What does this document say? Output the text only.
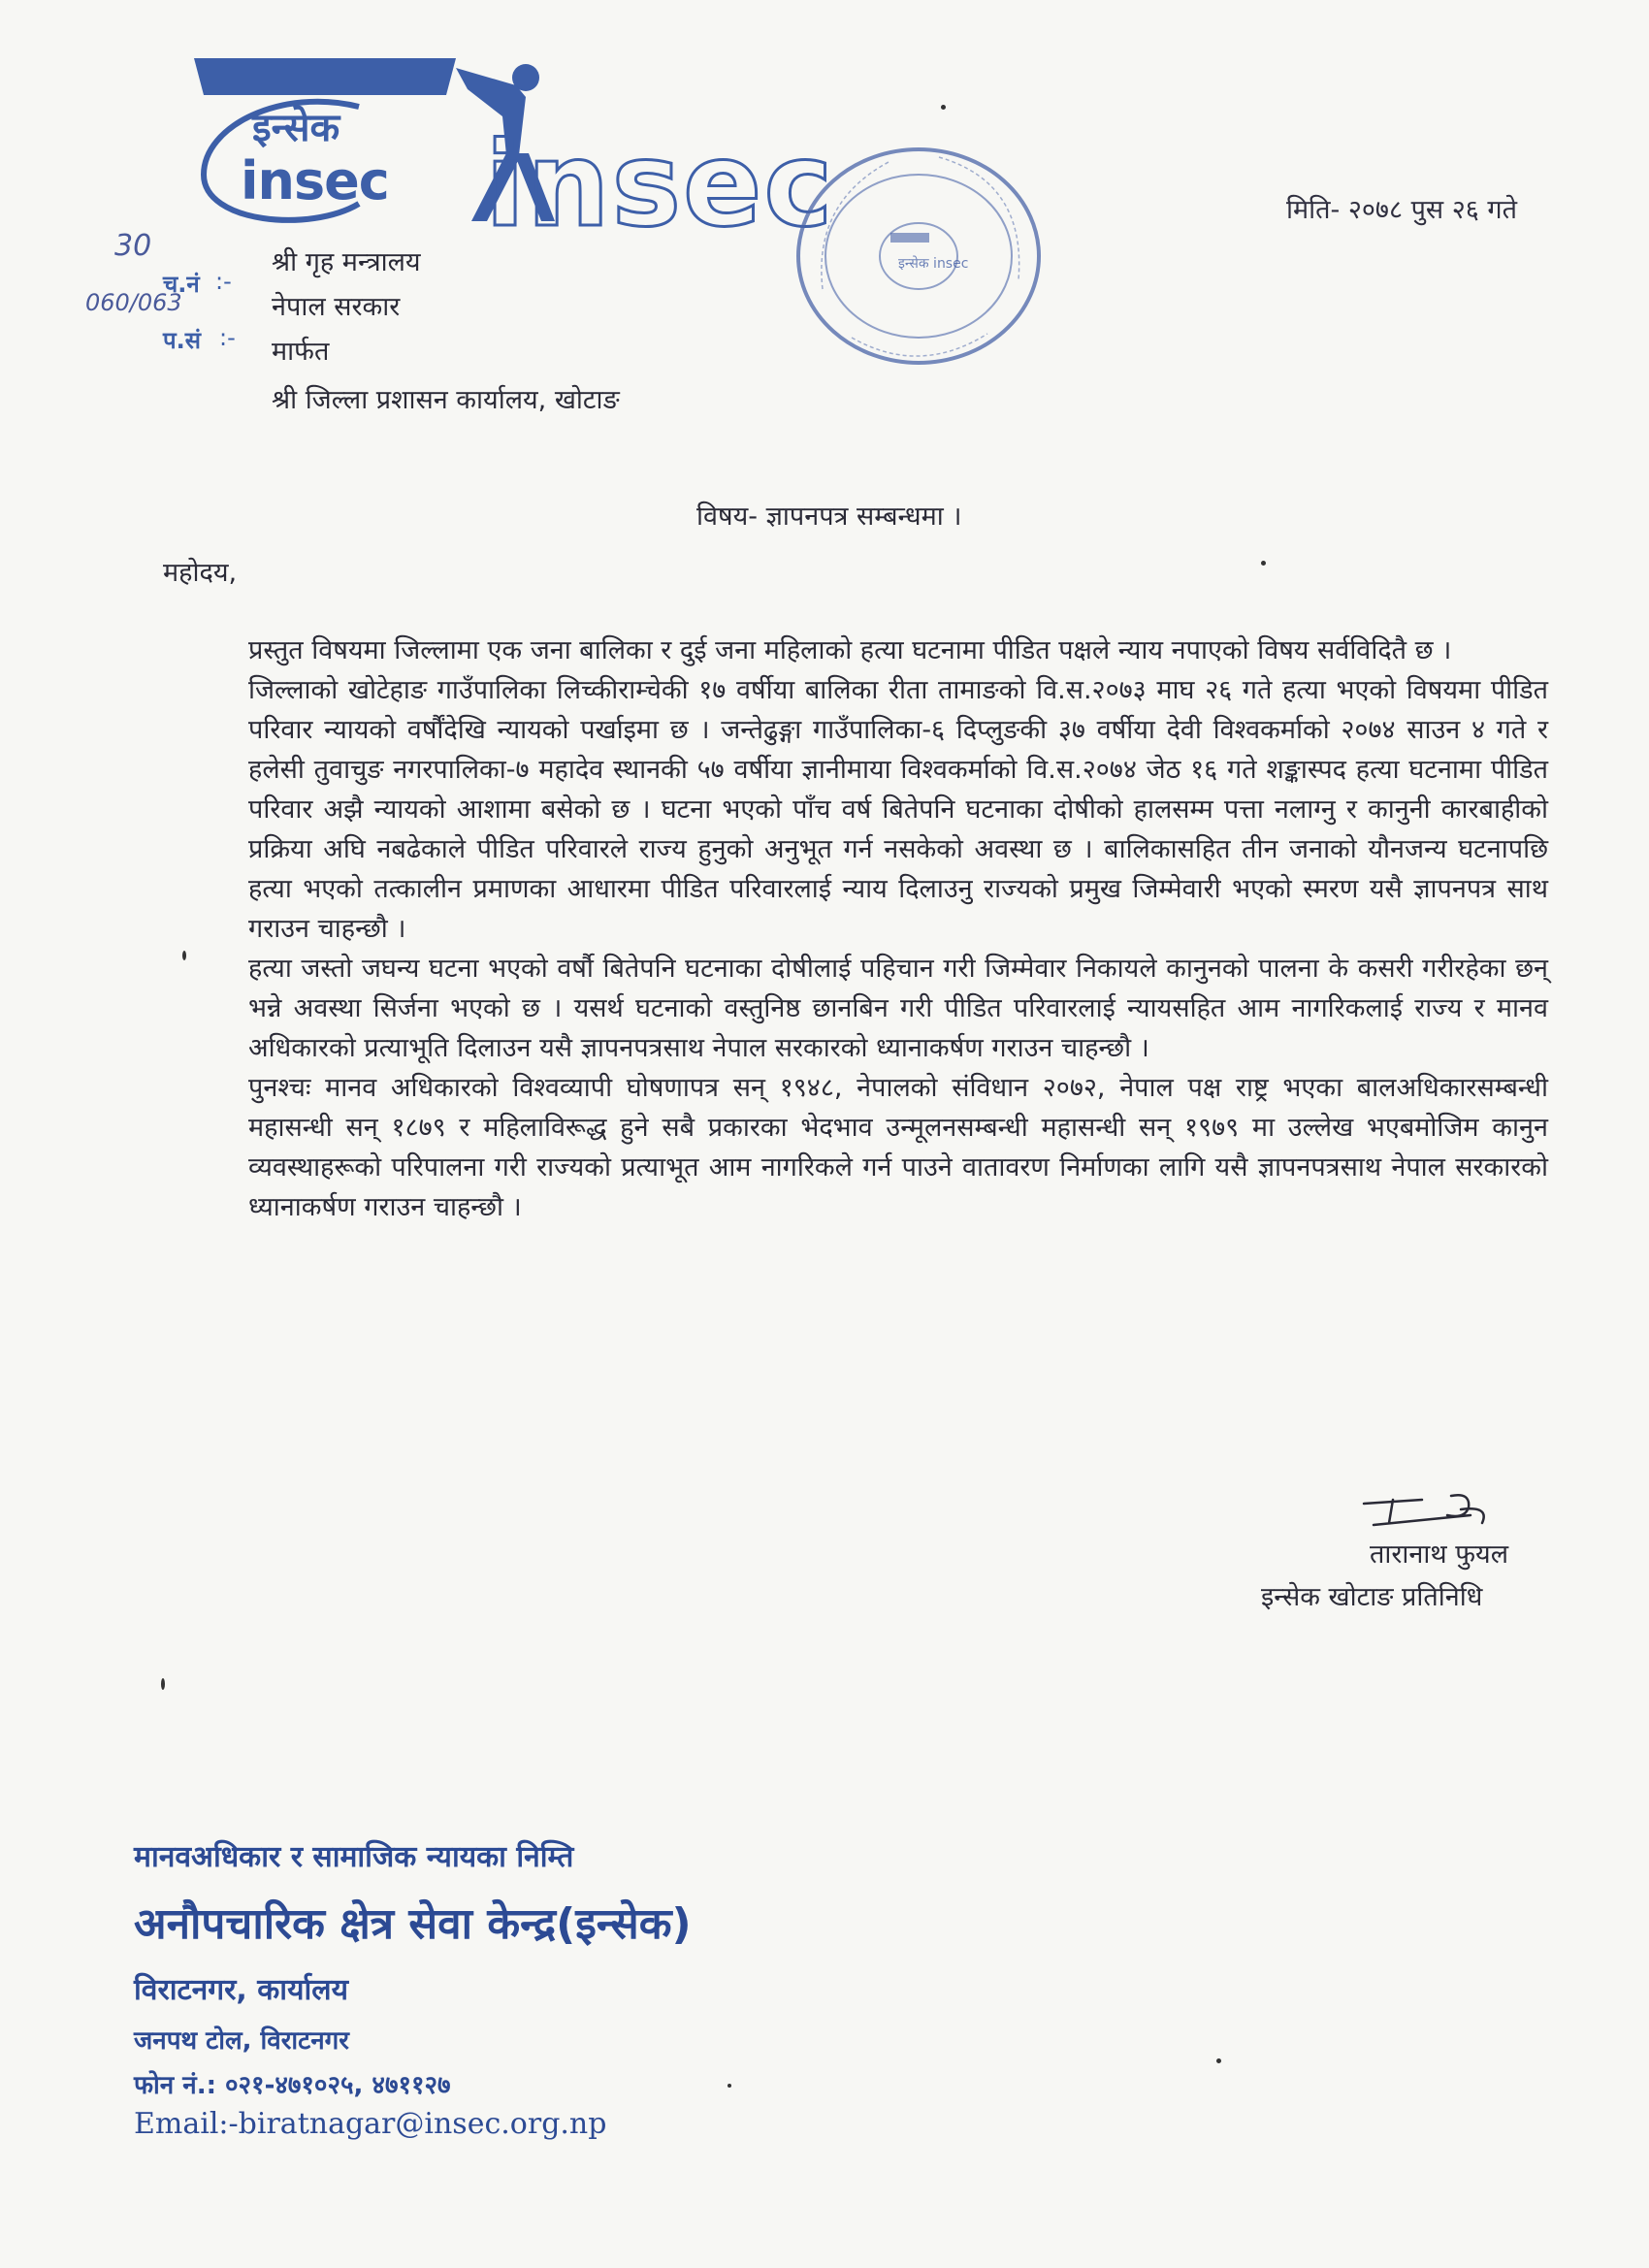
इन्सेक
insec insec
इन्सेक insec
मिति- २०७८ पुस २६ गते
30
060/063
च.नं :-
प.सं :-
श्री गृह मन्त्रालय
नेपाल सरकार
मार्फत
श्री जिल्ला प्रशासन कार्यालय, खोटाङ
विषय- ज्ञापनपत्र सम्बन्धमा ।
महोदय,

प्रस्तुत विषयमा जिल्लामा एक जना बालिका र दुई जना महिलाको हत्या घटनामा पीडित पक्षले न्याय नपाएको विषय सर्वविदितै छ ।

जिल्लाको खोटेहाङ गाउँपालिका लिच्कीराम्चेकी १७ वर्षीया बालिका रीता तामाङको वि.स.२०७३ माघ २६ गते हत्या भएको विषयमा पीडित परिवार न्यायको वर्षौंदेखि न्यायको पर्खाइमा छ । जन्तेढुङ्गा गाउँपालिका-६ दिप्लुङकी ३७ वर्षीया देवी विश्वकर्माको २०७४ साउन ४ गते र हलेसी तुवाचुङ नगरपालिका-७ महादेव स्थानकी ५७ वर्षीया ज्ञानीमाया विश्वकर्माको वि.स.२०७४ जेठ १६ गते शङ्कास्पद हत्या घटनामा पीडित परिवार अझै न्यायको आशामा बसेको छ । घटना भएको पाँच वर्ष बितेपनि घटनाका दोषीको हालसम्म पत्ता नलाग्नु र कानुनी कारबाहीको प्रक्रिया अघि नबढेकाले पीडित परिवारले राज्य हुनुको अनुभूत गर्न नसकेको अवस्था छ । बालिकासहित तीन जनाको यौनजन्य घटनापछि हत्या भएको तत्कालीन प्रमाणका आधारमा पीडित परिवारलाई न्याय दिलाउनु राज्यको प्रमुख जिम्मेवारी भएको स्मरण यसै ज्ञापनपत्र साथ गराउन चाहन्छौ ।

हत्या जस्तो जघन्य घटना भएको वर्षौ बितेपनि घटनाका दोषीलाई पहिचान गरी जिम्मेवार निकायले कानुनको पालना के कसरी गरीरहेका छन् भन्ने अवस्था सिर्जना भएको छ । यसर्थ घटनाको वस्तुनिष्ठ छानबिन गरी पीडित परिवारलाई न्यायसहित आम नागरिकलाई राज्य र मानव अधिकारको प्रत्याभूति दिलाउन यसै ज्ञापनपत्रसाथ नेपाल सरकारको ध्यानाकर्षण गराउन चाहन्छौ ।

पुनश्चः मानव अधिकारको विश्वव्यापी घोषणापत्र सन् १९४८, नेपालको संविधान २०७२, नेपाल पक्ष राष्ट्र भएका बालअधिकारसम्बन्धी महासन्धी सन् १८७९ र महिलाविरूद्ध हुने सबै प्रकारका भेदभाव उन्मूलनसम्बन्धी महासन्धी सन् १९७९ मा उल्लेख भएबमोजिम कानुन व्यवस्थाहरूको परिपालना गरी राज्यको प्रत्याभूत आम नागरिकले गर्न पाउने वातावरण निर्माणका लागि यसै ज्ञापनपत्रसाथ नेपाल सरकारको ध्यानाकर्षण गराउन चाहन्छौ ।

तारानाथ फुयल
इन्सेक खोटाङ प्रतिनिधि
मानवअधिकार र सामाजिक न्यायका निम्ति
अनौपचारिक क्षेत्र सेवा केन्द्र(इन्सेक)
विराटनगर, कार्यालय
जनपथ टोल, विराटनगर
फोन नं.: ०२१-४७१०२५, ४७११२७
Email:-biratnagar@insec.org.np
